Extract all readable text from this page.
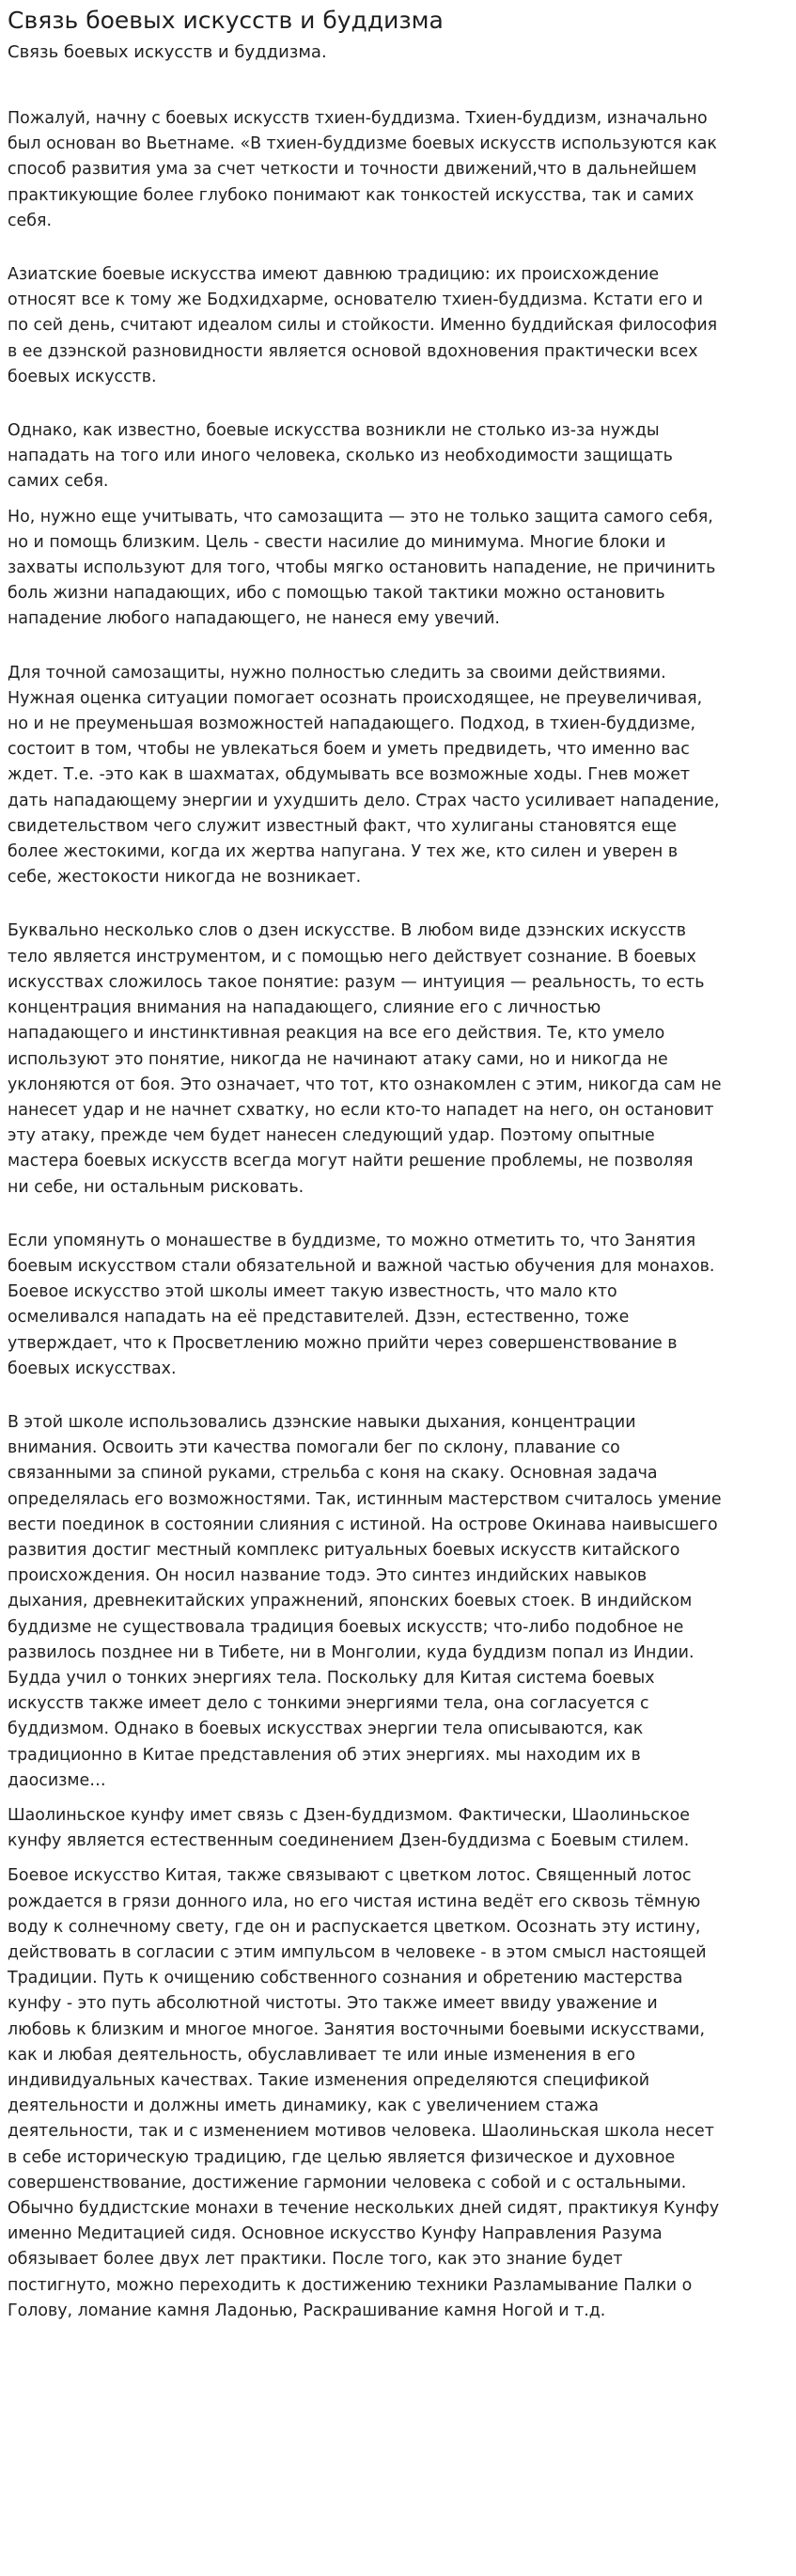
Связь боевых искусств и буддизма

Связь боевых искусств и буддизма.

Пожалуй, начну с боевых искусств тхиен-буддизма. Тхиен-буддизм, изначально
был основан во Вьетнаме. «В тхиен-буддизме боевых искусств используются как
способ развития ума за счет четкости и точности движений,что в дальнейшем
практикующие более глубоко понимают как тонкостей искусства, так и самих
себя.

Азиатские боевые искусства имеют давнюю традицию: их происхождение
относят все к тому же Бодхидхарме, основателю тхиен-буддизма. Кстати его и
по сей день, считают идеалом силы и стойкости. Именно буддийская философия
в ее дзэнской разновидности является основой вдохновения практически всех
боевых искусств.

Однако, как известно, боевые искусства возникли не столько из-за нужды
нападать на того или иного человека, сколько из необходимости защищать
самих себя.

Но, нужно еще учитывать, что самозащита — это не только защита самого себя,
но и помощь близким. Цель - свести насилие до минимума. Многие блоки и
захваты используют для того, чтобы мягко остановить нападение, не причинить
боль жизни нападающих, ибо с помощью такой тактики можно остановить
нападение любого нападающего, не нанеся ему увечий.

Для точной самозащиты, нужно полностью следить за своими действиями.
Нужная оценка ситуации помогает осознать происходящее, не преувеличивая,
но и не преуменьшая возможностей нападающего. Подход, в тхиен-буддизме,
состоит в том, чтобы не увлекаться боем и уметь предвидеть, что именно вас
ждет. Т.е. -это как в шахматах, обдумывать все возможные ходы. Гнев может
дать нападающему энергии и ухудшить дело. Страх часто усиливает нападение,
свидетельством чего служит известный факт, что хулиганы становятся еще
более жестокими, когда их жертва напугана. У тех же, кто силен и уверен в
себе, жестокости никогда не возникает.

Буквально несколько слов о дзен искусстве. В любом виде дзэнских искусств
тело является инструментом, и с помощью него действует сознание. В боевых
искусствах сложилось такое понятие: разум — интуиция — реальность, то есть
концентрация внимания на нападающего, слияние его с личностью
нападающего и инстинктивная реакция на все его действия. Те, кто умело
используют это понятие, никогда не начинают атаку сами, но и никогда не
уклоняются от боя. Это означает, что тот, кто ознакомлен с этим, никогда сам не
нанесет удар и не начнет схватку, но если кто-то нападет на него, он остановит
эту атаку, прежде чем будет нанесен следующий удар. Поэтому опытные
мастера боевых искусств всегда могут найти решение проблемы, не позволяя
ни себе, ни остальным рисковать.

Если упомянуть о монашестве в буддизме, то можно отметить то, что Занятия
боевым искусством стали обязательной и важной частью обучения для монахов.
Боевое искусство этой школы имеет такую известность, что мало кто
осмеливался нападать на её представителей. Дзэн, естественно, тоже
утверждает, что к Просветлению можно прийти через совершенствование в
боевых искусствах.

В этой школе использовались дзэнские навыки дыхания, концентрации
внимания. Освоить эти качества помогали бег по склону, плавание со
связанными за спиной руками, стрельба с коня на скаку. Основная задача
определялась его возможностями. Так, истинным мастерством считалось умение
вести поединок в состоянии слияния с истиной. На острове Окинава наивысшего
развития достиг местный комплекс ритуальных боевых искусств китайского
происхождения. Он носил название тодэ. Это синтез индийских навыков
дыхания, древнекитайских упражнений, японских боевых стоек. В индийском
буддизме не существовала традиция боевых искусств; что-либо подобное не
развилось позднее ни в Тибете, ни в Монголии, куда буддизм попал из Индии.
Будда учил о тонких энергиях тела. Поскольку для Китая система боевых
искусств также имеет дело с тонкими энергиями тела, она согласуется с
буддизмом. Однако в боевых искусствах энергии тела описываются, как
традиционно в Китае представления об этих энергиях. мы находим их в
даосизме…

Шаолиньское кунфу имет связь с Дзен-буддизмом. Фактически, Шаолиньское
кунфу является естественным соединением Дзен-буддизма с Боевым стилем.

Боевое искусство Китая, также связывают с цветком лотос. Священный лотос
рождается в грязи донного ила, но его чистая истина ведёт его сквозь тёмную
воду к солнечному свету, где он и распускается цветком. Осознать эту истину,
действовать в согласии с этим импульсом в человеке - в этом смысл настоящей
Традиции. Путь к очищению собственного сознания и обретению мастерства
кунфу - это путь абсолютной чистоты. Это также имеет ввиду уважение и
любовь к близким и многое многое. Занятия восточными боевыми искусствами,
как и любая деятельность, обуславливает те или иные изменения в его
индивидуальных качествах. Такие изменения определяются спецификой
деятельности и должны иметь динамику, как с увеличением стажа
деятельности, так и с изменением мотивов человека. Шаолиньская школа несет
в себе историческую традицию, где целью является физическое и духовное
совершенствование, достижение гармонии человека с собой и с остальными.
Обычно буддистские монахи в течение нескольких дней сидят, практикуя Кунфу
именно Медитацией сидя. Основное искусство Кунфу Направления Разума
обязывает более двух лет практики. После того, как это знание будет
постигнуто, можно переходить к достижению техники Разламывание Палки о
Голову, ломание камня Ладонью, Раскрашивание камня Ногой и т.д.
